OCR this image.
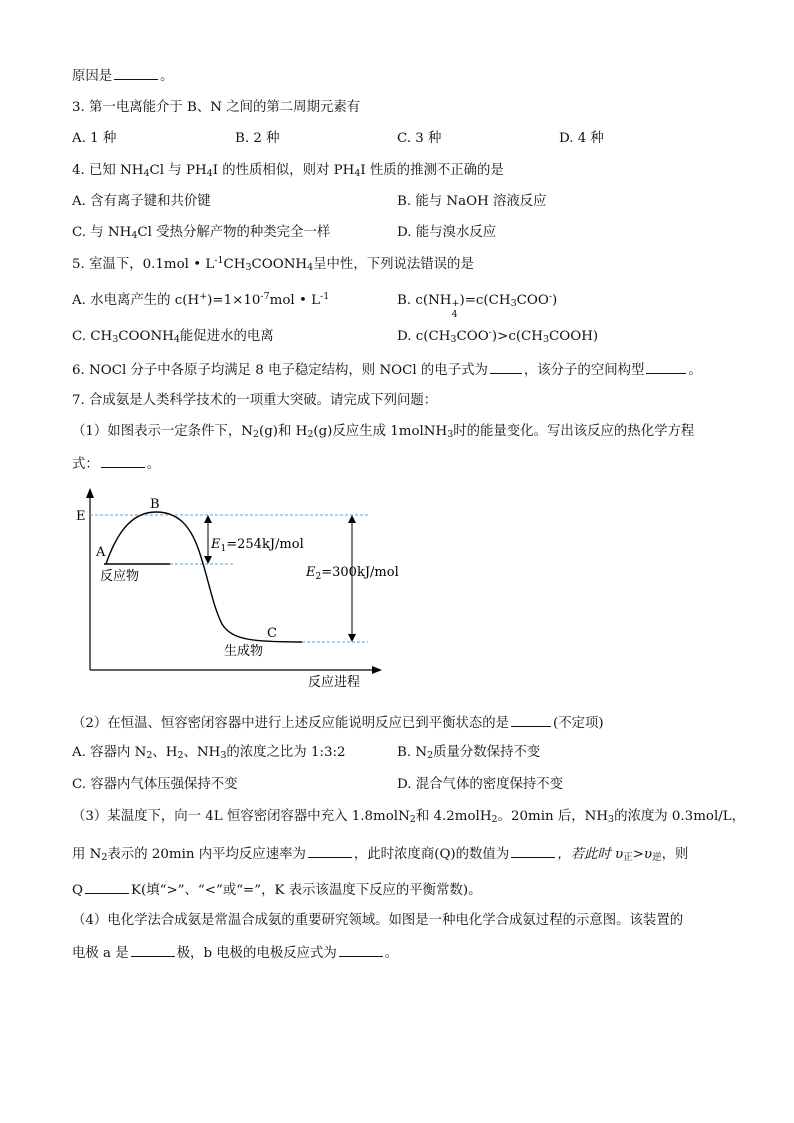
原因是	。
3. 第一电离能介于 B、N 之间的第二周期元素有
A. 1 种	B. 2 种	C. 3 种	D. 4 种
4. 已知 $NH_4Cl$ 与 $PH_4I$ 的性质相似，则对 $PH_4I$ 性质的推测不正确的是
A. 含有离子键和共价键	B. 能与 NaOH 溶液反应
C. 与 $NH_4Cl$ 受热分解产物的种类完全一样	D. 能与溴水反应
5. 室温下，0.1mol • $L^{-1}CH_3COONH_4$呈中性，下列说法错误的是
A. 水电离产生的 $c(H^+)=1\times 10^{-7}mol$ • $L^{-1}$	B. c(NH +
4
)$=c(CH_3COO^-)$
C. $CH_3COONH_4$能促进水的电离	D. $c(CH_3COO^-)>c(CH_3COOH)$
6. NOCl 分子中各原子均满足 8 电子稳定结构，则 NOCl 的电子式为	，该分子的空间构型	。
7. 合成氨是人类科学技术的一项重大突破。请完成下列问题：
（1）如图表示一定条件下，$N_2(g)$和 $H_2(g)$反应生成 1molNH$_3$时的能量变化。写出该反应的热化学方程
式：	。
E
反应进程
B
A
C
反应物
生成物
$E_1=254kJ$/mol
$E_2=300kJ$/mol
（2）在恒温、恒容密闭容器中进行上述反应能说明反应已到平衡状态的是	(不定项)
A. 容器内 $N_2$、$H_2$、$NH_3$的浓度之比为 1:3:2	B. $N_2$质量分数保持不变
C. 容器内气体压强保持不变	D. 混合气体的密度保持不变
（3）某温度下，向一 4L 恒容密闭容器中充入 1.8molN$_2$和 4.2molH$_2$。20min 后，$NH_3$的浓度为 0.3mol/L，
用 $N_2$表示的 20min 内平均反应速率为	，此时浓度商(Q)的数值为	，若此时 $\upsilon_正>\upsilon_逆$，则
Q	K(填“>”、“<”或“=”，K 表示该温度下反应的平衡常数)。
（4）电化学法合成氨是常温合成氨的重要研究领域。如图是一种电化学合成氨过程的示意图。该装置的
电极 a 是	极，b 电极的电极反应式为	。
